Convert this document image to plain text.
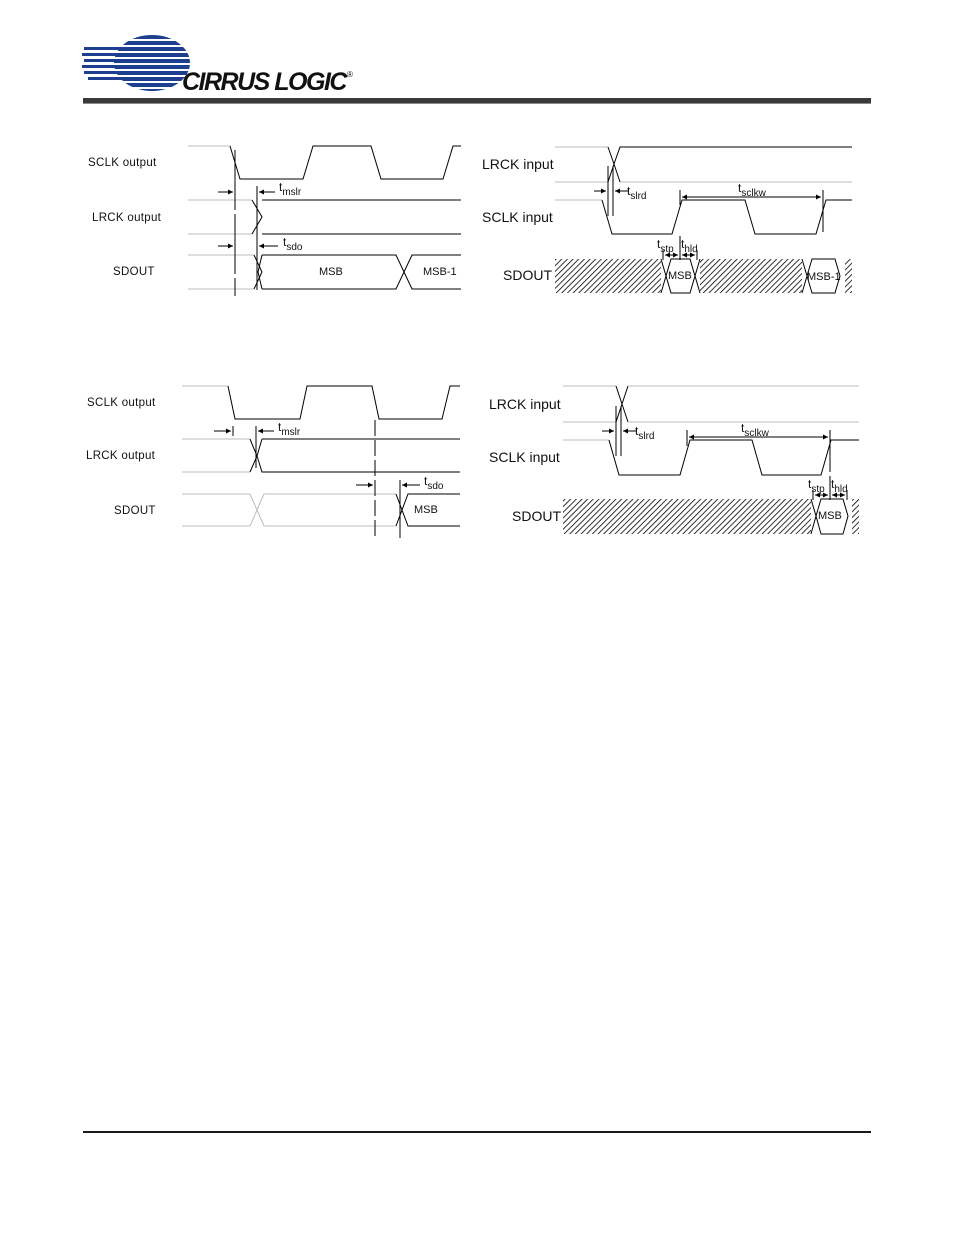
CIRRUS LOGIC ®
SCLK output
LRCK output
SDOUT	MSB	MSB-1
$t_{mslr}$
$t_{sdo}$
LRCK input
SCLK input
SDOUT	MSB	MSB-1
$t_{slrd}$
$t_{sclkw}$
$t_{stp}$ $t_{hld}$
SCLK output
LRCK output
SDOUT	MSB
$t_{mslr}$
$t_{sdo}$
LRCK input
SCLK input
SDOUT	MSB
$t_{slrd}$
$t_{sclkw}$
$t_{stp}$ $t_{hld}$
